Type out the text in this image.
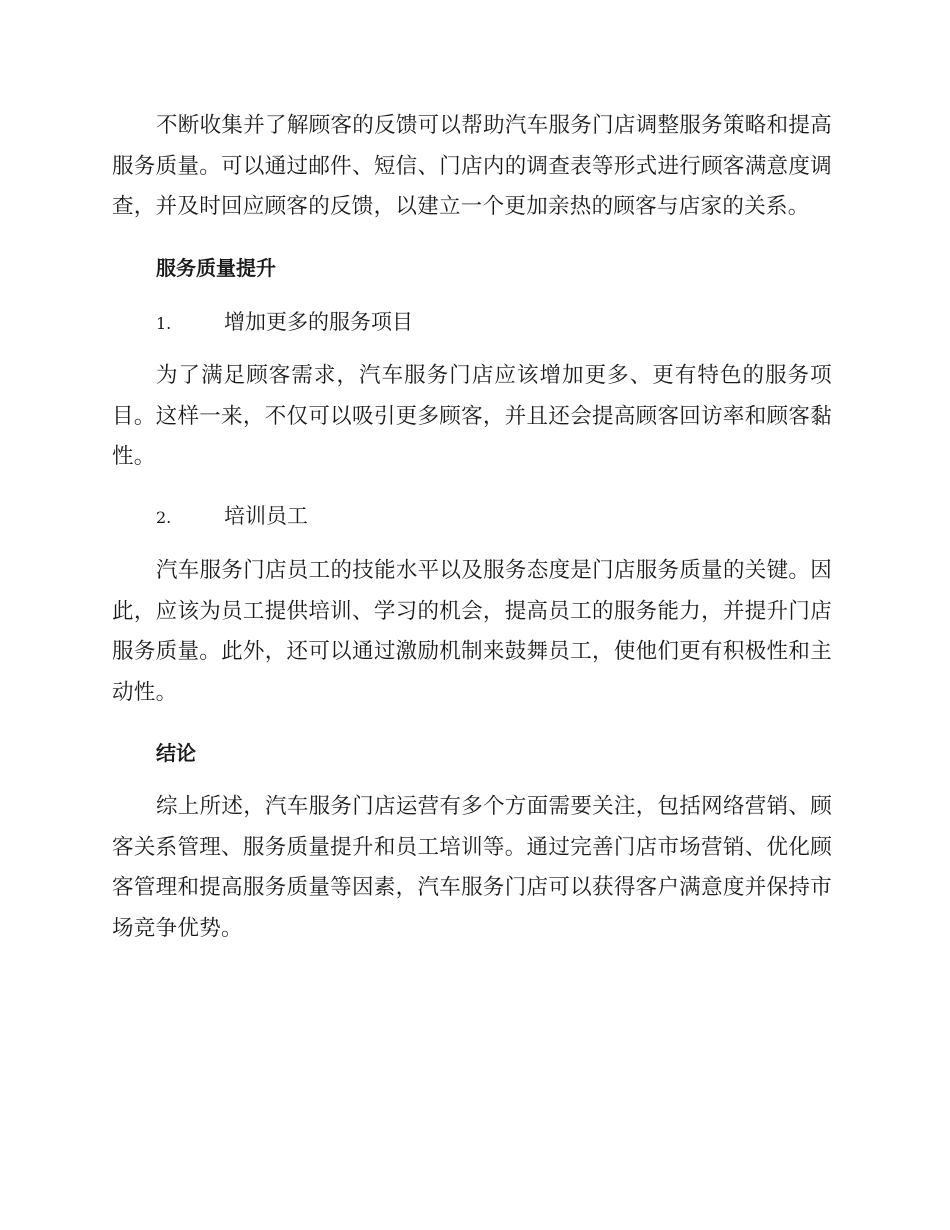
不断收集并了解顾客的反馈可以帮助汽车服务门店调整服务策略和提高服务质量。可以通过邮件、短信、门店内的调查表等形式进行顾客满意度调查，并及时回应顾客的反馈，以建立一个更加亲热的顾客与店家的关系。

服务质量提升
1.	增加更多的服务项目

为了满足顾客需求，汽车服务门店应该增加更多、更有特色的服务项目。这样一来，不仅可以吸引更多顾客，并且还会提高顾客回访率和顾客黏性。

2.	培训员工

汽车服务门店员工的技能水平以及服务态度是门店服务质量的关键。因此，应该为员工提供培训、学习的机会，提高员工的服务能力，并提升门店服务质量。此外，还可以通过激励机制来鼓舞员工，使他们更有积极性和主动性。

结论

综上所述，汽车服务门店运营有多个方面需要关注，包括网络营销、顾客关系管理、服务质量提升和员工培训等。通过完善门店市场营销、优化顾客管理和提高服务质量等因素，汽车服务门店可以获得客户满意度并保持市场竞争优势。
